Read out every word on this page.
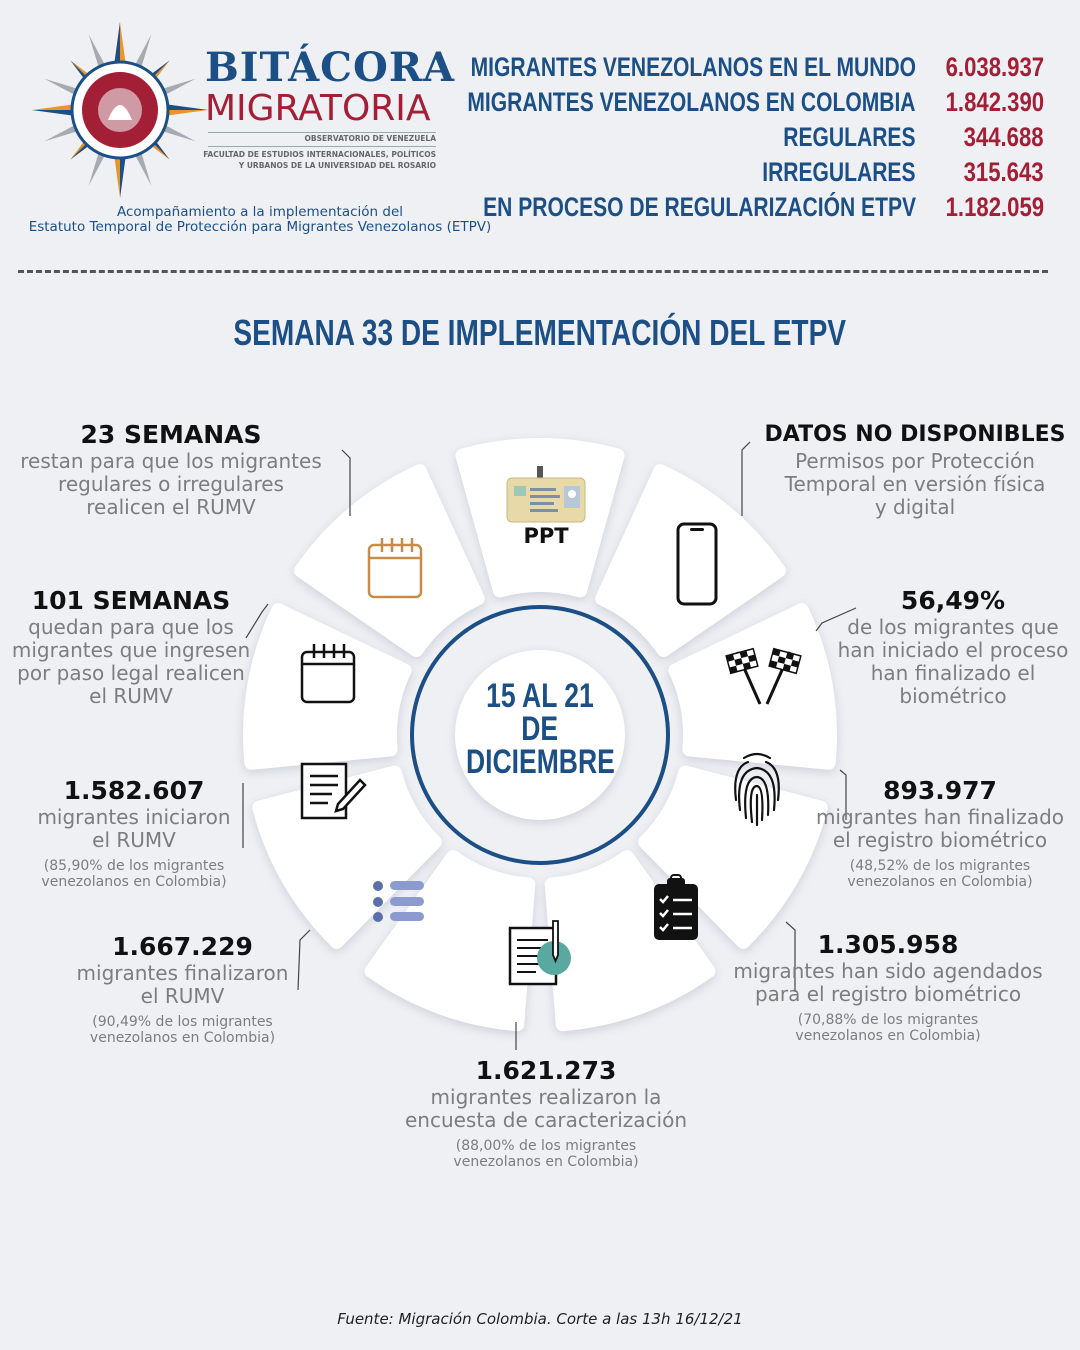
BITÁCORA
MIGRATORIA
OBSERVATORIO DE VENEZUELA
FACULTAD DE ESTUDIOS INTERNACIONALES, POLÍTICOS
Y URBANOS DE LA UNIVERSIDAD DEL ROSARIO
Acompañamiento a la implementación del
Estatuto Temporal de Protección para Migrantes Venezolanos (ETPV)
MIGRANTES VENEZOLANOS EN EL MUNDO	6.038.937
MIGRANTES VENEZOLANOS EN COLOMBIA	1.842.390
REGULARES	344.688
IRREGULARES	315.643
EN PROCESO DE REGULARIZACIÓN ETPV	1.182.059
SEMANA 33 DE IMPLEMENTACIÓN DEL ETPV
PPT
15 AL 21
DE
DICIEMBRE
23 SEMANAS
restan para que los migrantes
regulares o irregulares
realicen el RUMV
101 SEMANAS
quedan para que los
migrantes que ingresen
por paso legal realicen
el RUMV
1.582.607
migrantes iniciaron
el RUMV
(85,90% de los migrantes
venezolanos en Colombia)
1.667.229
migrantes finalizaron
el RUMV
(90,49% de los migrantes
venezolanos en Colombia)
1.621.273
migrantes realizaron la
encuesta de caracterización
(88,00% de los migrantes
venezolanos en Colombia)
1.305.958
migrantes han sido agendados
para el registro biométrico
(70,88% de los migrantes
venezolanos en Colombia)
893.977
migrantes han finalizado
el registro biométrico
(48,52% de los migrantes
venezolanos en Colombia)
56,49%
de los migrantes que
han iniciado el proceso
han finalizado el
biométrico
DATOS NO DISPONIBLES
Permisos por Protección
Temporal en versión física
y digital
Fuente: Migración Colombia. Corte a las 13h 16/12/21
